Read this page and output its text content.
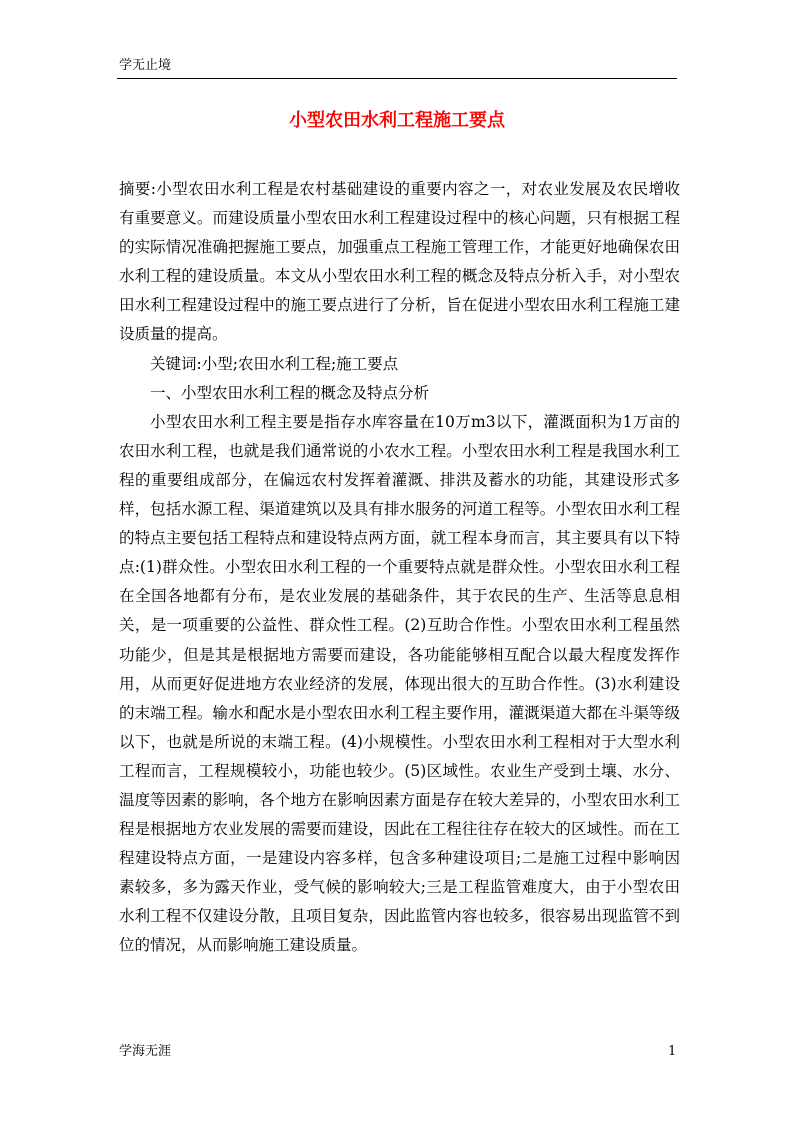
学无止境
小型农田水利工程施工要点

摘要:小型农田水利工程是农村基础建设的重要内容之一，对农业发展及农民增收有重要意义。而建设质量小型农田水利工程建设过程中的核心问题，只有根据工程的实际情况准确把握施工要点，加强重点工程施工管理工作，才能更好地确保农田水利工程的建设质量。本文从小型农田水利工程的概念及特点分析入手，对小型农田水利工程建设过程中的施工要点进行了分析，旨在促进小型农田水利工程施工建设质量的提高。

关键词:小型;农田水利工程;施工要点

一、小型农田水利工程的概念及特点分析

小型农田水利工程主要是指存水库容量在10万m3以下，灌溉面积为1万亩的农田水利工程，也就是我们通常说的小农水工程。小型农田水利工程是我国水利工程的重要组成部分，在偏远农村发挥着灌溉、排洪及蓄水的功能，其建设形式多样，包括水源工程、渠道建筑以及具有排水服务的河道工程等。小型农田水利工程的特点主要包括工程特点和建设特点两方面，就工程本身而言，其主要具有以下特点:(1)群众性。小型农田水利工程的一个重要特点就是群众性。小型农田水利工程在全国各地都有分布，是农业发展的基础条件，其于农民的生产、生活等息息相关，是一项重要的公益性、群众性工程。(2)互助合作性。小型农田水利工程虽然功能少，但是其是根据地方需要而建设，各功能能够相互配合以最大程度发挥作用，从而更好促进地方农业经济的发展，体现出很大的互助合作性。(3)水利建设的末端工程。输水和配水是小型农田水利工程主要作用，灌溉渠道大都在斗渠等级以下，也就是所说的末端工程。(4)小规模性。小型农田水利工程相对于大型水利工程而言，工程规模较小，功能也较少。(5)区域性。农业生产受到土壤、水分、温度等因素的影响，各个地方在影响因素方面是存在较大差异的，小型农田水利工程是根据地方农业发展的需要而建设，因此在工程往往存在较大的区域性。而在工程建设特点方面，一是建设内容多样，包含多种建设项目;二是施工过程中影响因素较多，多为露天作业，受气候的影响较大;三是工程监管难度大，由于小型农田水利工程不仅建设分散，且项目复杂，因此监管内容也较多，很容易出现监管不到位的情况，从而影响施工建设质量。

学海无涯	1
